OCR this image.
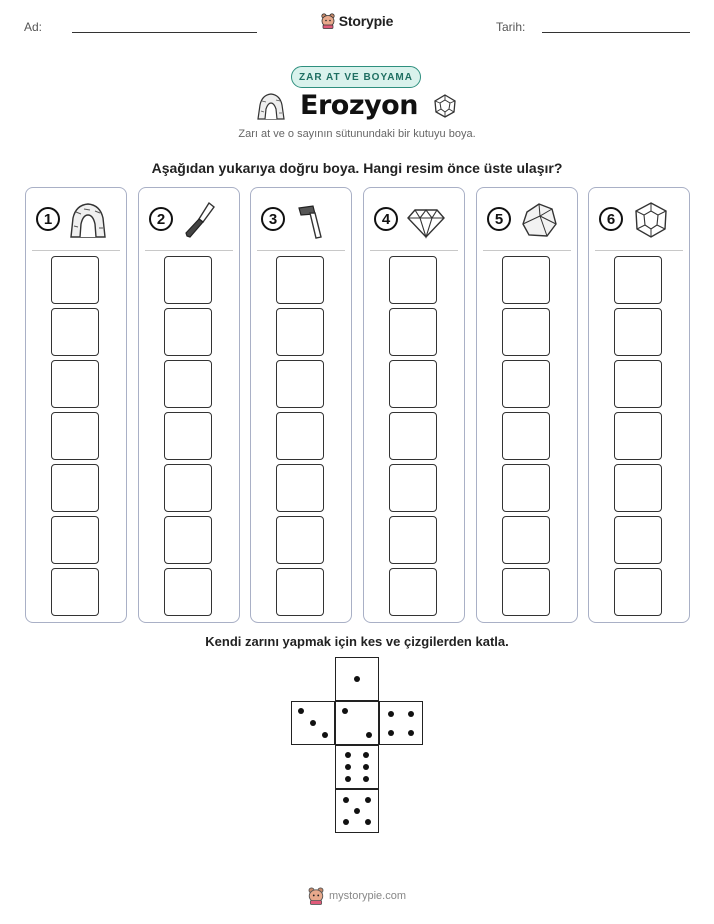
Ad:	Storypie	Tarih:
ZAR AT VE BOYAMA
Erozyon
Zarı at ve o sayının sütunundaki bir kutuyu boya.
Aşağıdan yukarıya doğru boya. Hangi resim önce üste ulaşır?
1	2	3	4	5	6
Kendi zarını yapmak için kes ve çizgilerden katla.
mystorypie.com
